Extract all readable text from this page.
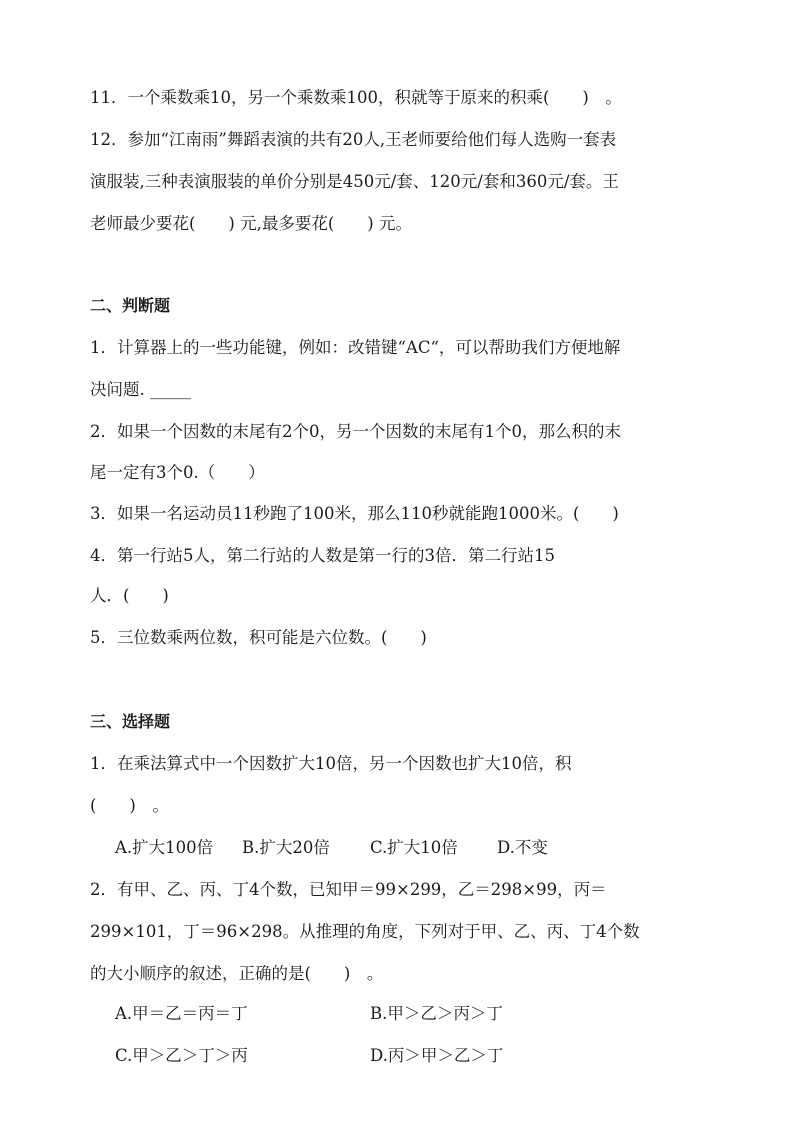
11．一个乘数乘10，另一个乘数乘100，积就等于原来的积乘(　　)　。
12．参加“江南雨”舞蹈表演的共有20人,王老师要给他们每人选购一套表
演服装,三种表演服装的单价分别是450元/套、120元/套和360元/套。王
老师最少要花(　　) 元,最多要花(　　) 元。
二、判断题
1．计算器上的一些功能键，例如：改错键“AC“，可以帮助我们方便地解
决问题. _____
2．如果一个因数的末尾有2个0，另一个因数的末尾有1个0，那么积的末
尾一定有3个0.（　　）
3．如果一名运动员11秒跑了100米，那么110秒就能跑1000米。(　　)
4．第一行站5人，第二行站的人数是第一行的3倍．第二行站15
人．(　　)
5．三位数乘两位数，积可能是六位数。(　　)
三、选择题
1．在乘法算式中一个因数扩大10倍，另一个因数也扩大10倍，积
(　　)　。
A.扩大100倍 B.扩大20倍 C.扩大10倍 D.不变
2．有甲、乙、丙、丁4个数，已知甲＝99×299，乙＝298×99，丙＝
299×101，丁＝96×298。从推理的角度，下列对于甲、乙、丙、丁4个数
的大小顺序的叙述，正确的是(　　)　。
A.甲＝乙＝丙＝丁	B.甲＞乙＞丙＞丁
C.甲＞乙＞丁＞丙	D.丙＞甲＞乙＞丁
